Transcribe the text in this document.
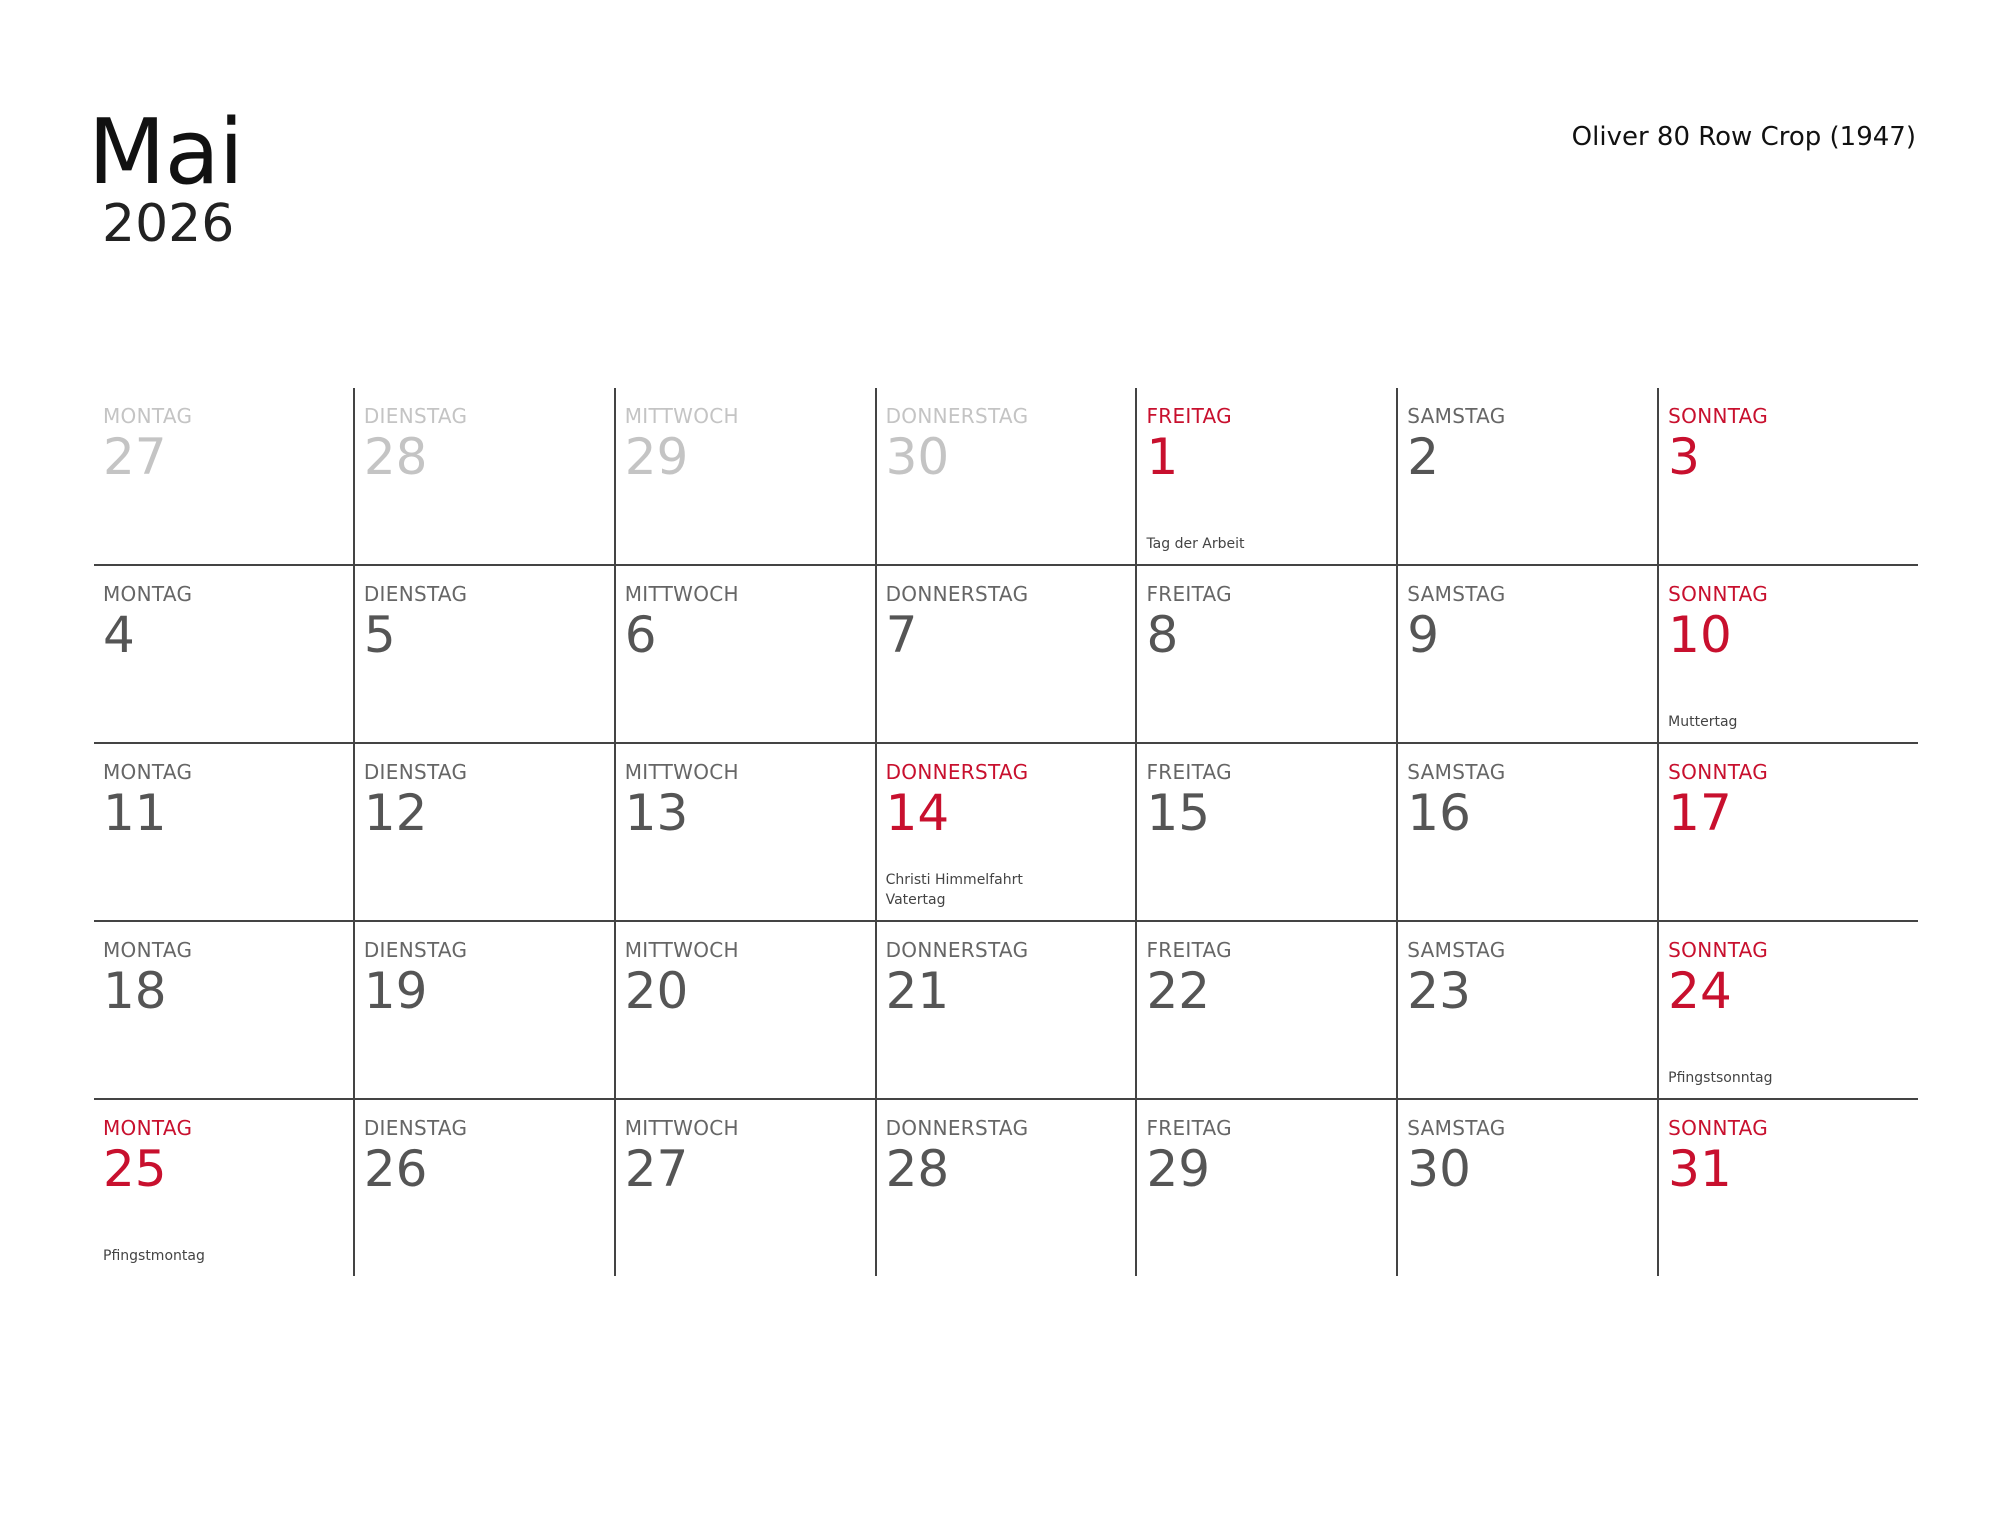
Mai
2026
Oliver 80 Row Crop (1947)
MONTAG
27
DIENSTAG
28
MITTWOCH
29
DONNERSTAG
30
FREITAG
1
Tag der Arbeit
SAMSTAG
2
SONNTAG
3
MONTAG
4
DIENSTAG
5
MITTWOCH
6
DONNERSTAG
7
FREITAG
8
SAMSTAG
9
SONNTAG
10
Muttertag
MONTAG
11
DIENSTAG
12
MITTWOCH
13
DONNERSTAG
14
Christi Himmelfahrt
Vatertag
FREITAG
15
SAMSTAG
16
SONNTAG
17
MONTAG
18
DIENSTAG
19
MITTWOCH
20
DONNERSTAG
21
FREITAG
22
SAMSTAG
23
SONNTAG
24
Pfingstsonntag
MONTAG
25
Pfingstmontag
DIENSTAG
26
MITTWOCH
27
DONNERSTAG
28
FREITAG
29
SAMSTAG
30
SONNTAG
31
